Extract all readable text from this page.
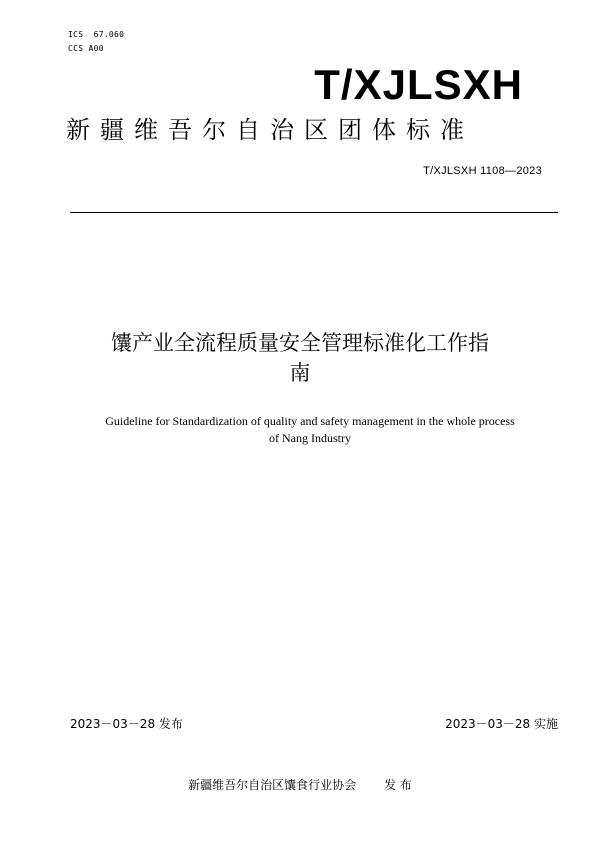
ICS  67.060
CCS A00
T/XJLSXH
新疆维吾尔自治区团体标准
T/XJLSXH 1108—2023
馕产业全流程质量安全管理标准化工作指
南
Guideline for Standardization of quality and safety management in the whole process
of Nang Industry
2023－03－28 发布	2023－03－28 实施
新疆维吾尔自治区馕食行业协会 发 布
